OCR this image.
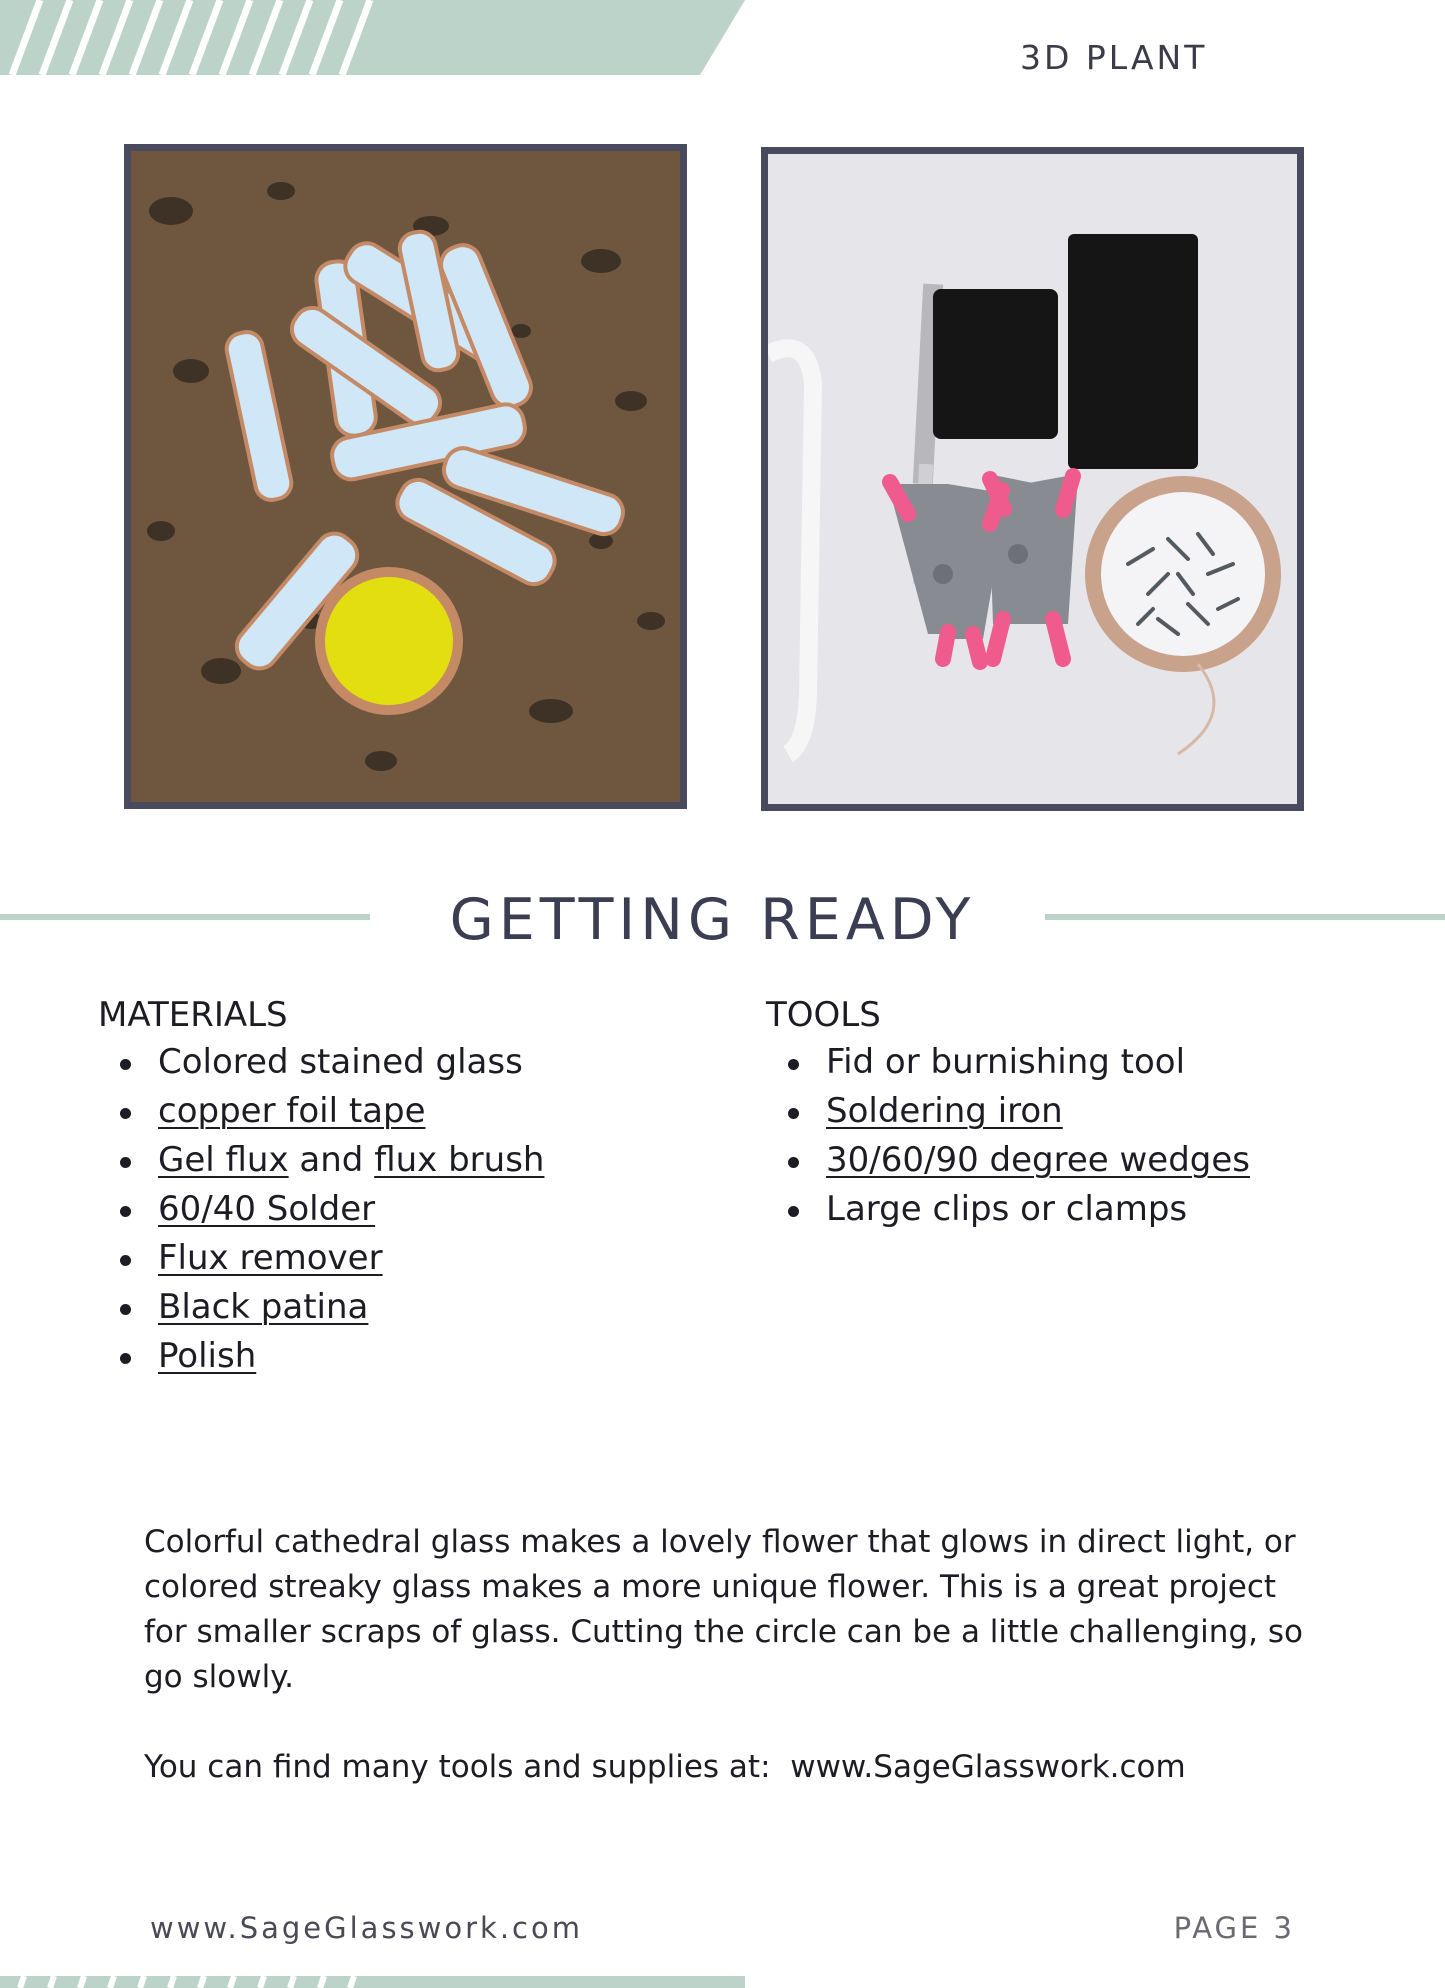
3D PLANT
GETTING READY
MATERIALS
Colored stained glass
copper foil tape
Gel flux and flux brush
60/40 Solder
Flux remover
Black patina
Polish
TOOLS
Fid or burnishing tool
Soldering iron
30/60/90 degree wedges
Large clips or clamps
Colorful cathedral glass makes a lovely flower that glows in direct light, or colored streaky glass makes a more unique flower. This is a great project for smaller scraps of glass. Cutting the circle can be a little challenging, so go slowly.
You can find many tools and supplies at:  www.SageGlasswork.com
www.SageGlasswork.com	PAGE 3
